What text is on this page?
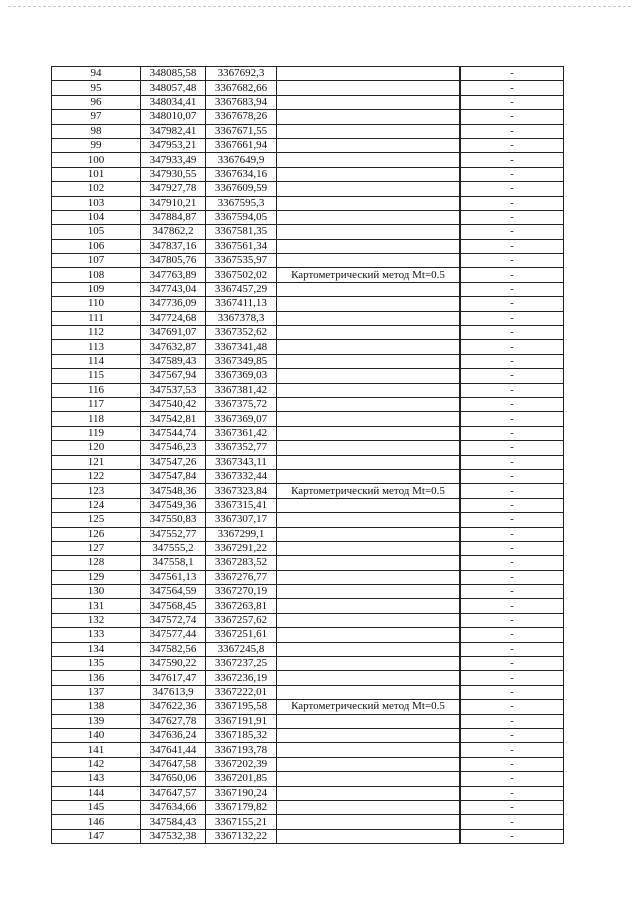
94	348085,58	3367692,3			-
95	348057,48	3367682,66			-
96	348034,41	3367683,94			-
97	348010,07	3367678,26			-
98	347982,41	3367671,55			-
99	347953,21	3367661,94			-
100	347933,49	3367649,9			-
101	347930,55	3367634,16			-
102	347927,78	3367609,59			-
103	347910,21	3367595,3			-
104	347884,87	3367594,05			-
105	347862,2	3367581,35			-
106	347837,16	3367561,34			-
107	347805,76	3367535,97			-
108	347763,89	3367502,02	Картометрический метод Mt=0.5		-
109	347743,04	3367457,29			-
110	347736,09	3367411,13			-
111	347724,68	3367378,3			-
112	347691,07	3367352,62			-
113	347632,87	3367341,48			-
114	347589,43	3367349,85			-
115	347567,94	3367369,03			-
116	347537,53	3367381,42			-
117	347540,42	3367375,72			-
118	347542,81	3367369,07			-
119	347544,74	3367361,42			-
120	347546,23	3367352,77			-
121	347547,26	3367343,11			-
122	347547,84	3367332,44			-
123	347548,36	3367323,84	Картометрический метод Mt=0.5		-
124	347549,36	3367315,41			-
125	347550,83	3367307,17			-
126	347552,77	3367299,1			-
127	347555,2	3367291,22			-
128	347558,1	3367283,52			-
129	347561,13	3367276,77			-
130	347564,59	3367270,19			-
131	347568,45	3367263,81			-
132	347572,74	3367257,62			-
133	347577,44	3367251,61			-
134	347582,56	3367245,8			-
135	347590,22	3367237,25			-
136	347617,47	3367236,19			-
137	347613,9	3367222,01			-
138	347622,36	3367195,58	Картометрический метод Mt=0.5		-
139	347627,78	3367191,91			-
140	347636,24	3367185,32			-
141	347641,44	3367193,78			-
142	347647,58	3367202,39			-
143	347650,06	3367201,85			-
144	347647,57	3367190,24			-
145	347634,66	3367179,82			-
146	347584,43	3367155,21			-
147	347532,38	3367132,22			-
